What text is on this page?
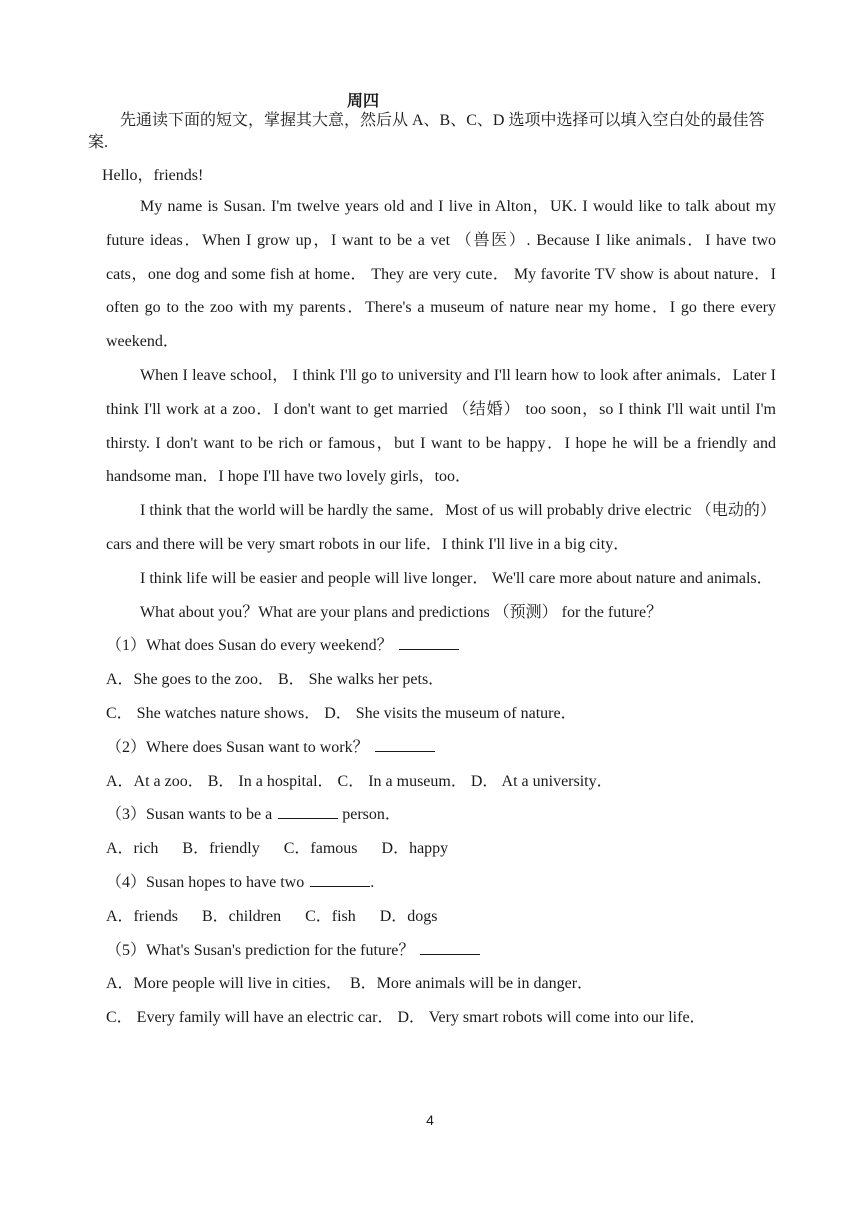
周四
先通读下面的短文，掌握其大意，然后从 A、B、C、D 选项中选择可以填入空白处的最佳答案.
Hello，friends!

My name is Susan. I'm twelve years old and I live in Alton，UK. I would like to talk about my future ideas．When I grow up，I want to be a vet （兽医）. Because I like animals．I have two cats，one dog and some fish at home． They are very cute． My favorite TV show is about nature．I often go to the zoo with my parents．There's a museum of nature near my home．I go there every weekend．

When I leave school， I think I'll go to university and I'll learn how to look after animals．Later I think I'll work at a zoo．I don't want to get married （结婚） too soon，so I think I'll wait until I'm thirsty. I don't want to be rich or famous，but I want to be happy．I hope he will be a friendly and handsome man．I hope I'll have two lovely girls，too．

I think that the world will be hardly the same．Most of us will probably drive electric （电动的） cars and there will be very smart robots in our life．I think I'll live in a big city．

I think life will be easier and people will live longer． We'll care more about nature and animals．

What about you？What are your plans and predictions （预测） for the future？

（1）What does Susan do every weekend？

A．She goes to the zoo． B． She walks her pets．

C． She watches nature shows． D． She visits the museum of nature．

（2）Where does Susan want to work？

A．At a zoo． B． In a hospital． C． In a museum． D． At a university．

（3）Susan wants to be a	person．

A．rich      B．friendly      C．famous      D．happy

（4）Susan hopes to have two	.

A．friends      B．children      C．fish      D．dogs

（5）What's Susan's prediction for the future？

A．More people will live in cities．  B．More animals will be in danger．

C． Every family will have an electric car． D． Very smart robots will come into our life．

4
